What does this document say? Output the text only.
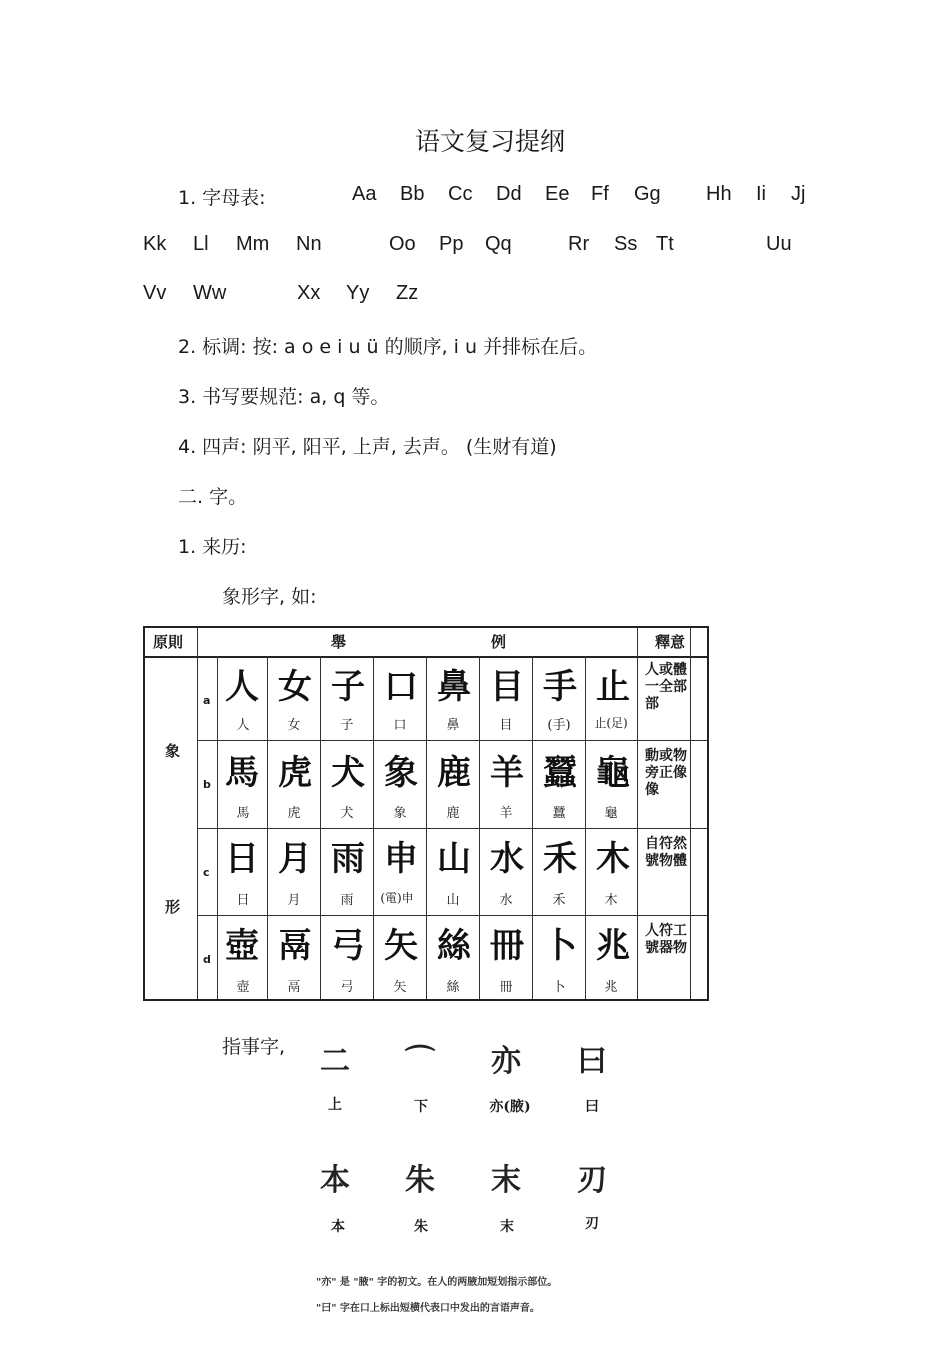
语文复习提纲
1. 字母表:	Aa Bb Cc Dd Ee Ff Gg Hh Ii Jj
Kk Ll Mm Nn	Oo Pp Qq	Rr Ss Tt	Uu
Vv Ww	Xx Yy Zz
2. 标调: 按: a o e i u ü 的顺序, i u 并排标在后。
3. 书写要规范: a, q 等。
4. 四声: 阴平, 阳平, 上声, 去声。 (生财有道)
二. 字。
1. 来历:
象形字, 如:
原則	舉	例	釋意
象
形
a 人 女 子 口 鼻 目 手 止
人	女	子	口	鼻	目	(手)	止(足)
人或體一全部部
b 馬 虎 犬 象 鹿 羊 蠶 龜
馬	虎	犬	象	鹿	羊	蠶	龜
動或物旁正像像
c 日 月 雨 申 山 水 禾 木
日	月	雨	(電)申	山	水	禾	木
自符然號物體
d 壺 鬲 弓 矢 絲 冊 卜 兆
壺	鬲	弓	矢	絲	冊	卜	兆
人符工號器物
指事字,	二	⌒	亦	曰
上	下	亦(腋)	曰
本	朱	末	刃
本	朱	末	刃
"亦" 是 "腋" 字的初文。在人的两腋加短划指示部位。
"曰" 字在口上标出短横代表口中发出的言语声音。
